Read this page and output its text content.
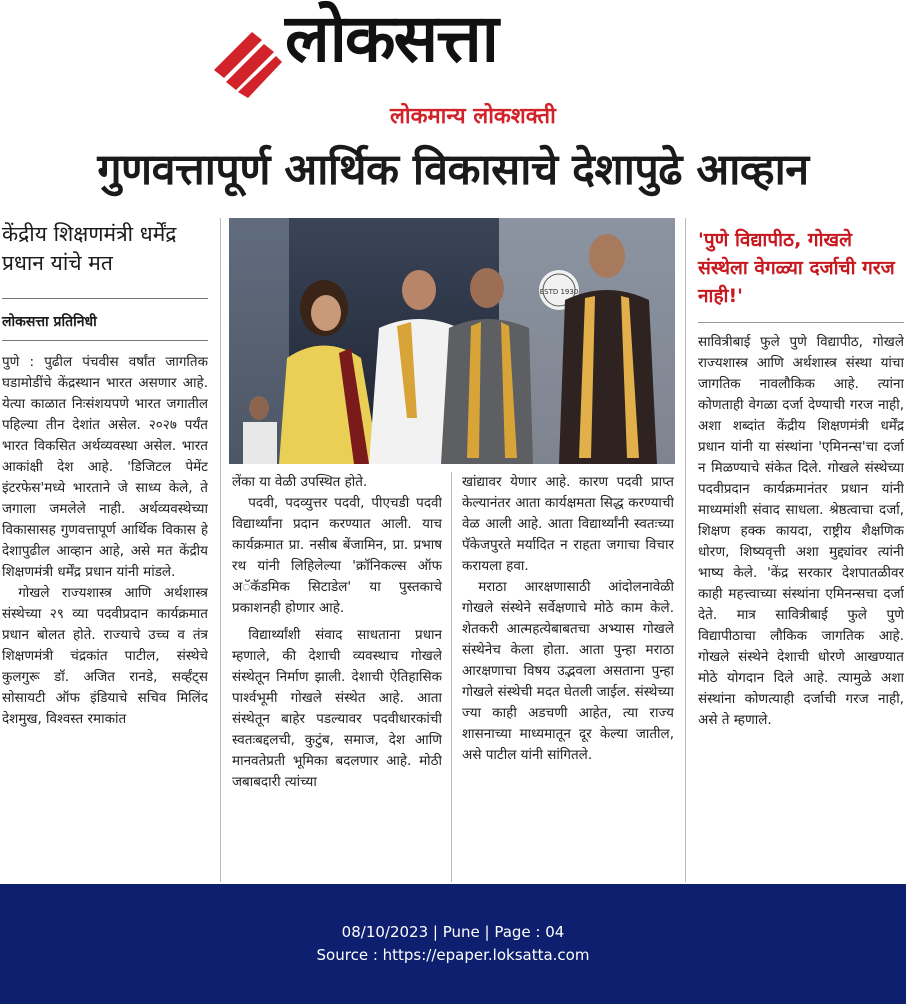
लोकसत्ता
लोकमान्य लोकशक्ती
गुणवत्तापूर्ण आर्थिक विकासाचे देशापुढे आव्हान
केंद्रीय शिक्षणमंत्री धर्मेंद्र प्रधान यांचे मत
लोकसत्ता प्रतिनिधी

पुणे : पुढील पंचवीस वर्षांत जागतिक घडामोडींचे केंद्रस्थान भारत असणार आहे. येत्या काळात निःसंशयपणे भारत जगातील पहिल्या तीन देशांत असेल. २०२७ पर्यंत भारत विकसित अर्थव्यवस्था असेल. भारत आकांक्षी देश आहे. 'डिजिटल पेमेंट इंटरफेस'मध्ये भारताने जे साध्य केले, ते जगाला जमलेले नाही. अर्थव्यवस्थेच्या विकासासह गुणवत्तापूर्ण आर्थिक विकास हे देशापुढील आव्हान आहे, असे मत केंद्रीय शिक्षणमंत्री धर्मेंद्र प्रधान यांनी मांडले.

गोखले राज्यशास्त्र आणि अर्थशास्त्र संस्थेच्या २९ व्या पदवीप्रदान कार्यक्रमात प्रधान बोलत होते. राज्याचे उच्च व तंत्र शिक्षणमंत्री चंद्रकांत पाटील, संस्थेचे कुलगुरू डॉ. अजित रानडे, सर्व्हंट्स सोसायटी ऑफ इंडियाचे सचिव मिलिंद देशमुख, विश्वस्त रमाकांत

ESTD 1930

लेंका या वेळी उपस्थित होते.

पदवी, पदव्युत्तर पदवी, पीएचडी पदवी विद्यार्थ्यांना प्रदान करण्यात आली. याच कार्यक्रमात प्रा. नसीब बेंजामिन, प्रा. प्रभाष रथ यांनी लिहिलेल्या 'क्रॉनिकल्स ऑफ अॅकॅडमिक सिटाडेल' या पुस्तकाचे प्रकाशनही होणार आहे.

विद्यार्थ्यांशी संवाद साधताना प्रधान म्हणाले, की देशाची व्यवस्थाच गोखले संस्थेतून निर्माण झाली. देशाची ऐतिहासिक पार्श्वभूमी गोखले संस्थेत आहे. आता संस्थेतून बाहेर पडल्यावर पदवीधारकांची स्वतःबद्दलची, कुटुंब, समाज, देश आणि मानवतेप्रती भूमिका बदलणार आहे. मोठी जबाबदारी त्यांच्या

खांद्यावर येणार आहे. कारण पदवी प्राप्त केल्यानंतर आता कार्यक्षमता सिद्ध करण्याची वेळ आली आहे. आता विद्यार्थ्यांनी स्वतःच्या पॅकेजपुरते मर्यादित न राहता जगाचा विचार करायला हवा.

मराठा आरक्षणासाठी आंदोलनावेळी गोखले संस्थेने सर्वेक्षणाचे मोठे काम केले. शेतकरी आत्महत्येबाबतचा अभ्यास गोखले संस्थेनेच केला होता. आता पुन्हा मराठा आरक्षणाचा विषय उद्भवला असताना पुन्हा गोखले संस्थेची मदत घेतली जाईल. संस्थेच्या ज्या काही अडचणी आहेत, त्या राज्य शासनाच्या माध्यमातून दूर केल्या जातील, असे पाटील यांनी सांगितले.

'पुणे विद्यापीठ, गोखले संस्थेला वेगळ्या दर्जाची गरज नाही!'

सावित्रीबाई फुले पुणे विद्यापीठ, गोखले राज्यशास्त्र आणि अर्थशास्त्र संस्था यांचा जागतिक नावलौकिक आहे. त्यांना कोणताही वेगळा दर्जा देण्याची गरज नाही, अशा शब्दांत केंद्रीय शिक्षणमंत्री धर्मेंद्र प्रधान यांनी या संस्थांना 'एमिनन्स'चा दर्जा न मिळण्याचे संकेत दिले. गोखले संस्थेच्या पदवीप्रदान कार्यक्रमानंतर प्रधान यांनी माध्यमांशी संवाद साधला. श्रेष्ठत्वाचा दर्जा, शिक्षण हक्क कायदा, राष्ट्रीय शैक्षणिक धोरण, शिष्यवृत्ती अशा मुद्द्यांवर त्यांनी भाष्य केले. 'केंद्र सरकार देशपातळीवर काही महत्त्वाच्या संस्थांना एमिनन्सचा दर्जा देते. मात्र सावित्रीबाई फुले पुणे विद्यापीठाचा लौकिक जागतिक आहे. गोखले संस्थेने देशाची धोरणे आखण्यात मोठे योगदान दिले आहे. त्यामुळे अशा संस्थांना कोणत्याही दर्जाची गरज नाही, असे ते म्हणाले.

08/10/2023 | Pune | Page : 04
Source : https://epaper.loksatta.com
